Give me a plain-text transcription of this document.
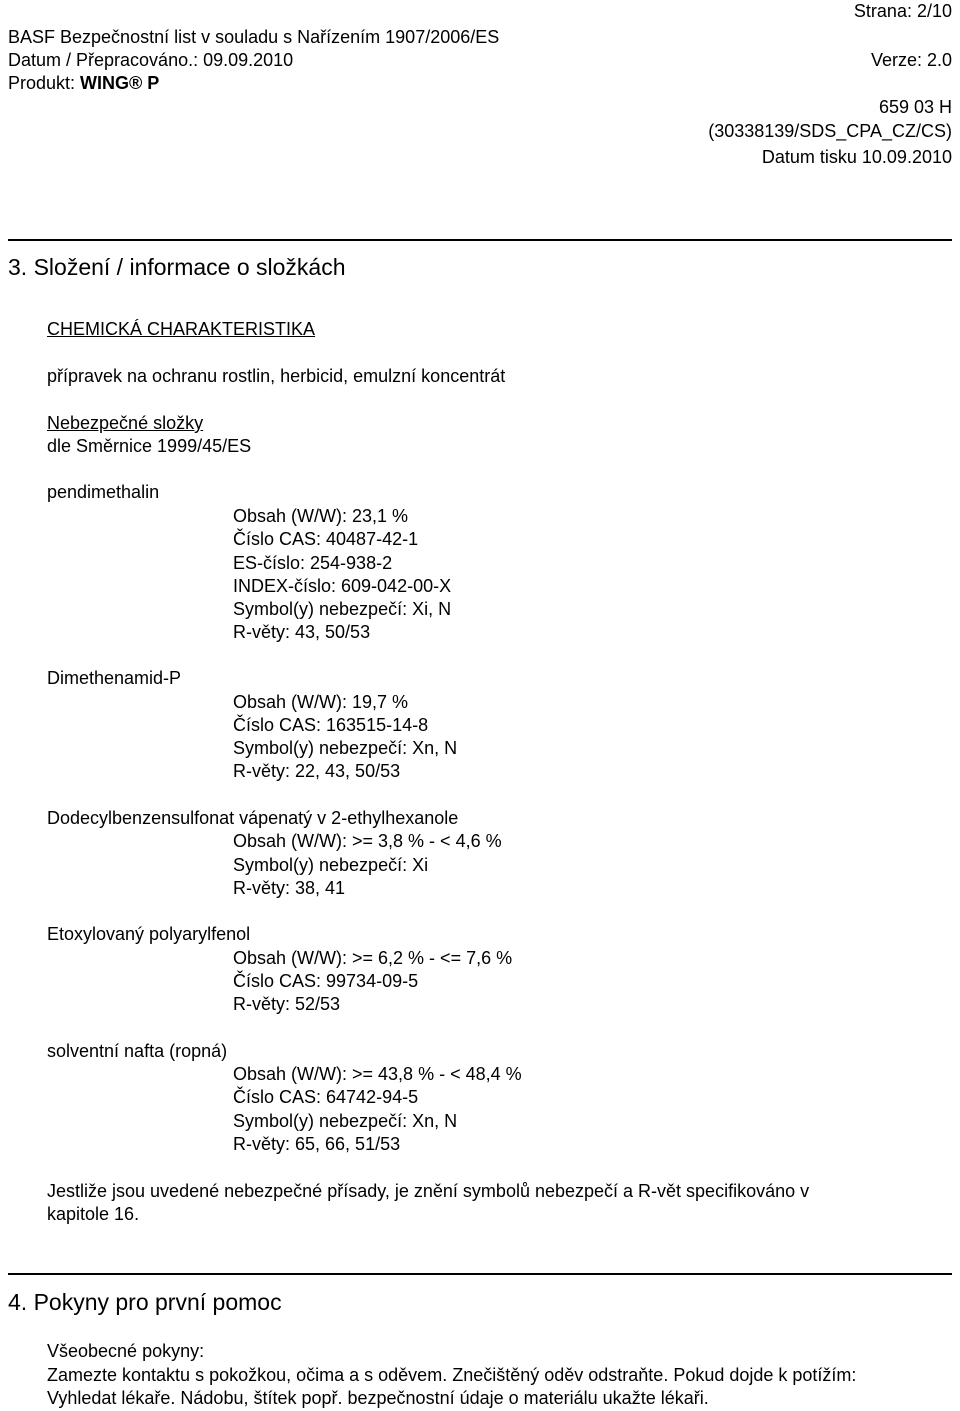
Strana: 2/10
BASF Bezpečnostní list v souladu s Nařízením 1907/2006/ES
Datum / Přepracováno.: 09.09.2010	Verze: 2.0
Produkt: WING® P
659 03 H
(30338139/SDS_CPA_CZ/CS)
Datum tisku 10.09.2010
3. Složení / informace o složkách
CHEMICKÁ CHARAKTERISTIKA
přípravek na ochranu rostlin, herbicid, emulzní koncentrát
Nebezpečné složky
dle Směrnice 1999/45/ES
pendimethalin
Obsah (W/W): 23,1 %
Číslo CAS: 40487-42-1
ES-číslo: 254-938-2
INDEX-číslo: 609-042-00-X
Symbol(y) nebezpečí: Xi, N
R-věty: 43, 50/53
Dimethenamid-P
Obsah (W/W): 19,7 %
Číslo CAS: 163515-14-8
Symbol(y) nebezpečí: Xn, N
R-věty: 22, 43, 50/53
Dodecylbenzensulfonat vápenatý v 2-ethylhexanole
Obsah (W/W): >= 3,8 % - < 4,6 %
Symbol(y) nebezpečí: Xi
R-věty: 38, 41
Etoxylovaný polyarylfenol
Obsah (W/W): >= 6,2 % - <= 7,6 %
Číslo CAS: 99734-09-5
R-věty: 52/53
solventní nafta (ropná)
Obsah (W/W): >= 43,8 % - < 48,4 %
Číslo CAS: 64742-94-5
Symbol(y) nebezpečí: Xn, N
R-věty: 65, 66, 51/53
Jestliže jsou uvedené nebezpečné přísady, je znění symbolů nebezpečí a R-vět specifikováno v
kapitole 16.
4. Pokyny pro první pomoc
Všeobecné pokyny:
Zamezte kontaktu s pokožkou, očima a s oděvem. Znečištěný oděv odstraňte. Pokud dojde k potížím:
Vyhledat lékaře. Nádobu, štítek popř. bezpečnostní údaje o materiálu ukažte lékaři.
